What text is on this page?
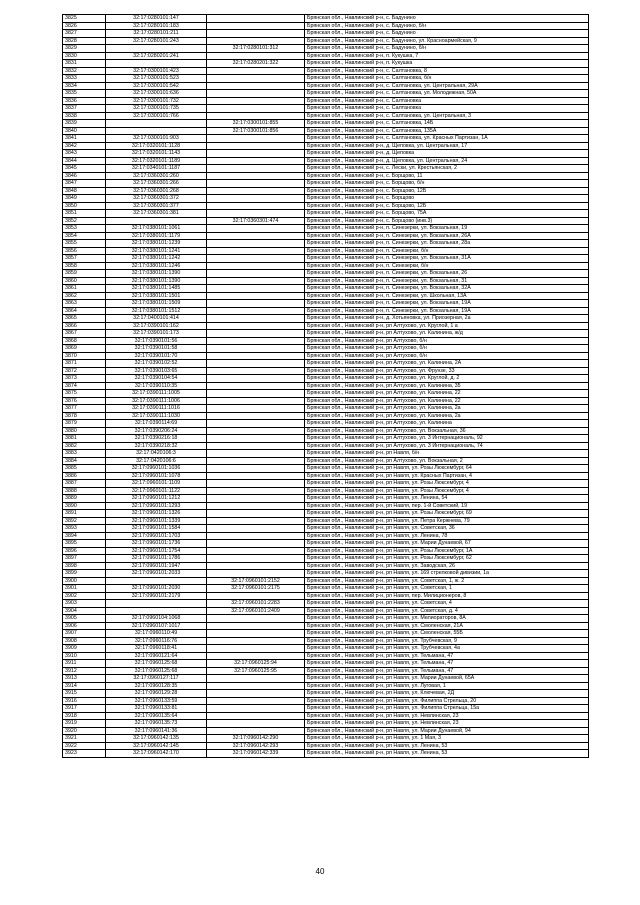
3825	32:17:0280101:147		Брянская обл., Навлинский р-н, с. Бадунино
3826	32:17:0280101:183		Брянская обл., Навлинский р-н, с. Бадунино, б/н
3827	32:17:0280101:211		Брянская обл., Навлинский р-н, с. Бадунино
3828	32:17:0280101:243		Брянская обл., Навлинский р-н, с. Бадунино, ул. Красноармейская, 9
3829		32:17:0280101:312	Брянская обл., Навлинский р-н, с. Бадунино, б/н
3830	32:17:0280201:241		Брянская обл., Навлинский р-н, п. Кукушка, 7
3831		32:17:0280201:322	Брянская обл., Навлинский р-н, п. Кукушка
3832	32:17:0300101:423		Брянская обл., Навлинский р-н, с. Салтановка, 8
3833	32:17:0300101:523		Брянская обл., Навлинский р-н, с. Салтановка, б/н
3834	32:17:0300101:542		Брянская обл., Навлинский р-н, с. Салтановка, ул. Центральная, 29А
3835	32:17:0300101:636		Брянская обл., Навлинский р-н, с. Салтановка, ул. Молодежная, 50А
3836	32:17:0300101:732		Брянская обл., Навлинский р-н, с. Салтановка
3837	32:17:0300101:735		Брянская обл., Навлинский р-н, с. Салтановка
3838	32:17:0300101:766		Брянская обл., Навлинский р-н, с. Салтановка, ул. Центральная, 3
3839		32:17:0300101:855	Брянская обл., Навлинский р-н, с. Салтановка, 14Б
3840		32:17:0300101:856	Брянская обл., Навлинский р-н, с. Салтановка, 135А
3841	32:17:0300101:903		Брянская обл., Навлинский р-н, с. Салтановка, ул. Красных Партизан, 1А
3842	32:17:0320101:1128		Брянская обл., Навлинский р-н, д. Щеповка, ул. Центральная, 17
3843	32:17:0320101:1143		Брянская обл., Навлинский р-н, д. Щеповка
3844	32:17:0320101:1189		Брянская обл., Навлинский р-н, д. Щеповка, ул. Центральная, 24
3845	32:17:0340101:1187		Брянская обл., Навлинский р-н, с. Лески, ул. Крестьянская, 2
3846	32:17:0360301:260		Брянская обл., Навлинский р-н, с. Борщово, 11
3847	32:17:0360301:266		Брянская обл., Навлинский р-н, с. Борщово, б/н
3848	32:17:0360301:268		Брянская обл., Навлинский р-н, с. Борщово, 12Б
3849	32:17:0360301:372		Брянская обл., Навлинский р-н, с. Борщово
3850	32:17:0360301:377		Брянская обл., Навлинский р-н, с. Борщово, 12Б
3851	32:17:0360301:381		Брянская обл., Навлинский р-н, с. Борщово, 75А
3852		32:17:0360301:474	Брянская обл., Навлинский р-н, с. Борщово (инв.3)
3853	32:17:0380101:1061		Брянская обл., Навлинский р-н, п. Синезерки, ул. Вокзальная, 19
3854	32:17:0380101:1179		Брянская обл., Навлинский р-н, п. Синезерки, ул. Вокзальная, 26А
3855	32:17:0380101:1239		Брянская обл., Навлинский р-н, п. Синезерки, ул. Вокзальная, 28а
3856	32:17:0380101:1241		Брянская обл., Навлинский р-н, п. Синезерки, б/н
3857	32:17:0380101:1242		Брянская обл., Навлинский р-н, п. Синезерки, ул. Вокзальная, 31А
3858	32:17:0380101:1246		Брянская обл., Навлинский р-н, п. Синезерки, б/н
3859	32:17:0380101:1390		Брянская обл., Навлинский р-н, п. Синезерки, ул. Вокзальная, 26
3860	32:17:0380101:1390		Брянская обл., Навлинский р-н, п. Синезерки, ул. Вокзальная, 31
3861	32:17:0380101:1485		Брянская обл., Навлинский р-н, п. Синезерки, ул. Вокзальная, 32А
3862	32:17:0380101:1501		Брянская обл., Навлинский р-н, п. Синезерки, ул. Школьная, 13А
3863	32:17:0380101:1509		Брянская обл., Навлинский р-н, п. Синезерки, ул. Вокзальная, 19А
3864	32:17:0380101:1512		Брянская обл., Навлинский р-н, п. Синезерки, ул. Вокзальная, 19А
3865	32:17:0400101:414		Брянская обл., Навлинский р-н, д. Хотьяновка, ул. Приозерная, 2а
3866	32:17:0390101:162		Брянская обл., Навлинский р-н, рп Алтухово, ул. Круглой, 1 а
3867	32:17:0390101:173		Брянская обл., Навлинский р-н, рп Алтухово, ул. Калинина, ж/д
3868	32:17:0390101:56		Брянская обл., Навлинский р-н, рп Алтухово, б/н
3869	32:17:0390101:58		Брянская обл., Навлинский р-н, рп Алтухово, б/н
3870	32:17:0390101:70		Брянская обл., Навлинский р-н, рп Алтухово, б/н
3871	32:17:0390102:52		Брянская обл., Навлинский р-н, рп Алтухово, ул. Калинина, 2А
3872	32:17:0390103:65		Брянская обл., Навлинский р-н, рп Алтухово, ул. Фрунзе, 33
3873	32:17:0390104:54		Брянская обл., Навлинский р-н, рп Алтухово, ул. Круглой, д. 2
3874	32:17:0390110:35		Брянская обл., Навлинский р-н, рп Алтухово, ул. Калинина, 35
3875	32:17:0390111:1005		Брянская обл., Навлинский р-н, рп Алтухово, ул. Калинина, 22
3876	32:17:0390111:1006		Брянская обл., Навлинский р-н, рп Алтухово, ул. Калинина, 22
3877	32:17:0390111:1016		Брянская обл., Навлинский р-н, рп Алтухово, ул. Калинина, 2а
3878	32:17:0390111:1030		Брянская обл., Навлинский р-н, рп Алтухово, ул. Калинина, 2а
3879	32:17:0390114:69		Брянская обл., Навлинский р-н, рп Алтухово, ул. Калинина
3880	32:17:0390206:24		Брянская обл., Навлинский р-н, рп Алтухово, ул. Вокзальная, 36
3881	32:17:0390216:18		Брянская обл., Навлинский р-н, рп Алтухово, ул. 3 Интернациональ, 92
3882	32:17:0390218:32		Брянская обл., Навлинский р-н, рп Алтухово, ул. 3 Интернациональ, 74
3883	32:17:0420106:3		Брянская обл., Навлинский р-н, рп Навля, б/н
3884	32:17:0420106:6		Брянская обл., Навлинский р-н, рп Алтухово, ул. Вокзальная, 2
3885	32:17:0960101:1036		Брянская обл., Навлинский р-н, рп Навля, ул. Розы Люксембург, 64
3886	32:17:0960101:1078		Брянская обл., Навлинский р-н, рп Навля, ул. Красных Партизан, 4
3887	32:17:0960101:1109		Брянская обл., Навлинский р-н, рп Навля, ул. Розы Люксембург, 4
3888	32:17:0960101:1122		Брянская обл., Навлинский р-н, рп Навля, ул. Розы Люксембург, 4
3889	32:17:0960101:1212		Брянская обл., Навлинский р-н, рп Навля, ул. Ленина, 54
3890	32:17:0960101:1293		Брянская обл., Навлинский р-н, рп Навля, пер. 1-й Советский, 19
3891	32:17:0960101:1326		Брянская обл., Навлинский р-н, рп Навля, ул. Розы Люксембург, 69
3892	32:17:0960101:1339		Брянская обл., Навлинский р-н, рп Навля, ул. Петра Кержнева, 79
3893	32:17:0960101:1584		Брянская обл., Навлинский р-н, рп Навля, ул. Советская, 36
3894	32:17:0960101:1703		Брянская обл., Навлинский р-н, рп Навля, ул. Ленина, 78
3895	32:17:0960101:1736		Брянская обл., Навлинский р-н, рп Навля, ул. Марии Дунаевой, 67
3896	32:17:0960101:1754		Брянская обл., Навлинский р-н, рп Навля, ул. Розы Люксембург, 1А
3897	32:17:0960101:1786		Брянская обл., Навлинский р-н, рп Навля, ул. Розы Люксембург, 62
3898	32:17:0960101:1947		Брянская обл., Навлинский р-н, рп Навля, ул. Заводская, 26
3899	32:17:0960101:2033		Брянская обл., Навлинский р-н, рп Навля, ул. 169 стрелковой дивизии, 1а
3900		32:17:0960101:2152	Брянская обл., Навлинский р-н, рп Навля, ул. Советская, 1, ж. 2
3901	32:17:0960101:2030	32:17:0960101:2175	Брянская обл., Навлинский р-н, рп Навля, ул. Советская, 1
3902	32:17:0960101:2179		Брянская обл., Навлинский р-н, рп Навля, пер. Милиционеров, 8
3903		32:17:0960101:2283	Брянская обл., Навлинский р-н, рп Навля, ул. Советская, 4
3904		32:17:0960101:2409	Брянская обл., Навлинский р-н, рп Навля, ул. Советская, д. 4
3905	32:17:0960104:1068		Брянская обл., Навлинский р-н, рп Навля, ул. Мелиораторов, 8А
3906	32:17:0960107:1017		Брянская обл., Навлинский р-н, рп Навля, ул. Смоленская, 21А
3907	32:17:0960110:49		Брянская обл., Навлинский р-н, рп Навля, ул. Смоленская, 55Б
3908	32:17:0960116:76		Брянская обл., Навлинский р-н, рп Навля, ул. Трубчевская, 9
3909	32:17:0960118:41		Брянская обл., Навлинский р-н, рп Навля, ул. Трубчевская, 4а
3910	32:17:0960121:64		Брянская обл., Навлинский р-н, рп Навля, ул. Тельмана, 47
3911	32:17:0960125:68	32:17:0960125:94	Брянская обл., Навлинский р-н, рп Навля, ул. Тельмана, 47
3912	32:17:0960125:68	32:17:0960125:95	Брянская обл., Навлинский р-н, рп Навля, ул. Тельмана, 47
3913	32:17:0960127:117		Брянская обл., Навлинский р-н, рп Навля, ул. Марии Дунаевой, 65А
3914	32:17:0960128:35		Брянская обл., Навлинский р-н, рп Навля, ул. Луговая, 1
3915	32:17:0960129:28		Брянская обл., Навлинский р-н, рп Навля, ул. Ключевая, 2Д
3916	32:17:0960133:59		Брянская обл., Навлинский р-н, рп Навля, ул. Филиппа Стрельца, 20
3917	32:17:0960133:81		Брянская обл., Навлинский р-н, рп Навля, ул. Филиппа Стрельца, 15а
3918	32:17:0960135:64		Брянская обл., Навлинский р-н, рп Навля, ул. Невлинская, 23
3919	32:17:0960135:73		Брянская обл., Навлинский р-н, рп Навля, ул. Невлинская, 23
3920	32:17:0960141:36		Брянская обл., Навлинский р-н, рп Навля, ул. Марии Дунаевой, 94
3921	32:17:0960142:135	32:17:0960142:290	Брянская обл., Навлинский р-н, рп Навля, ул. 1 Мая, 3
3922	32:17:0960142:145	32:17:0960142:293	Брянская обл., Навлинский р-н, рп Навля, ул. Ленина, 53
3923	32:17:0960142:170	32:17:0960142:339	Брянская обл., Навлинский р-н, рп Навля, ул. Ленина, 53
40
